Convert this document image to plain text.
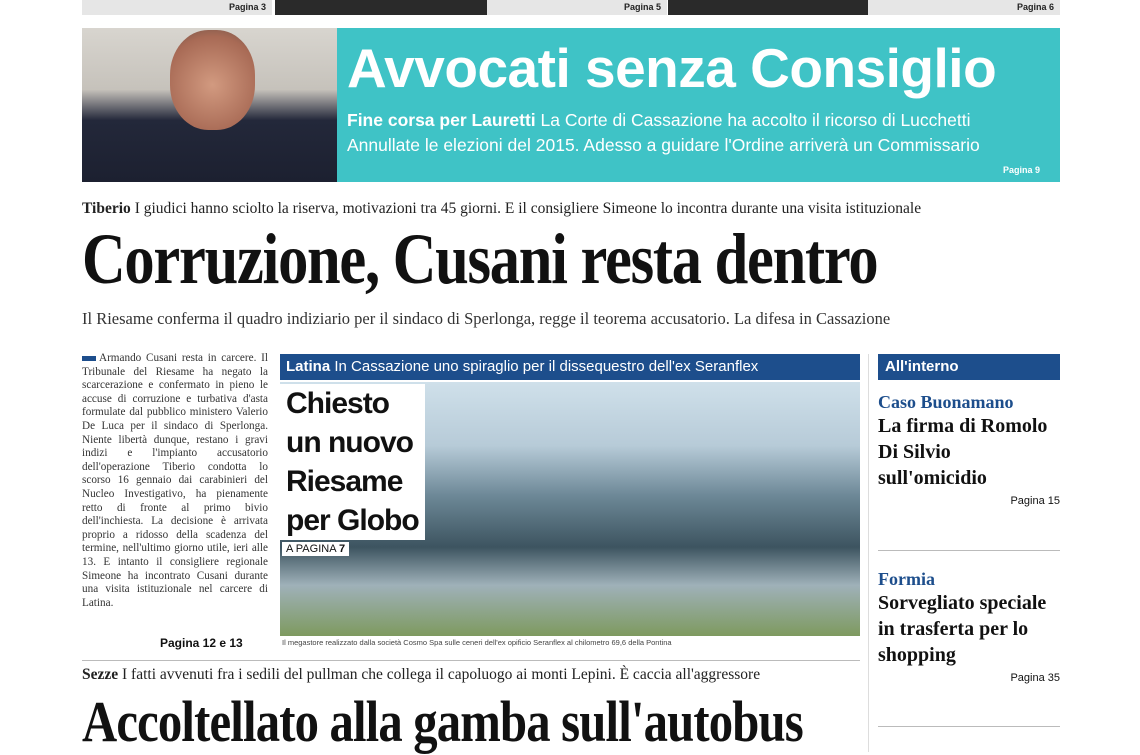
Pagina 3	Pagina 5	Pagina 6
Avvocati senza Consiglio
Fine corsa per Lauretti La Corte di Cassazione ha accolto il ricorso di Lucchetti
Annullate le elezioni del 2015. Adesso a guidare l'Ordine arriverà un Commissario
Pagina 9
Tiberio I giudici hanno sciolto la riserva, motivazioni tra 45 giorni. E il consigliere Simeone lo incontra durante una visita istituzionale
Corruzione, Cusani resta dentro
Il Riesame conferma il quadro indiziario per il sindaco di Sperlonga, regge il teorema accusatorio. La difesa in Cassazione
Armando Cusani resta in carcere. Il Tribunale del Riesame ha negato la scarcerazione e confermato in pieno le accuse di corruzione e turbativa d'asta formulate dal pubblico ministero Valerio De Luca per il sindaco di Sperlonga. Niente libertà dunque, restano i gravi indizi e l'impianto accusatorio dell'operazione Tiberio condotta lo scorso 16 gennaio dai carabinieri del Nucleo Investigativo, ha pienamente retto di fronte al primo bivio dell'inchiesta. La decisione è arrivata proprio a ridosso della scadenza del termine, nell'ultimo giorno utile, ieri alle 13. E intanto il consigliere regionale Simeone ha incontrato Cusani durante una visita istituzionale nel carcere di Latina.
Pagina 12 e 13
Latina In Cassazione uno spiraglio per il dissequestro dell'ex Seranflex
Chiesto
un nuovo
Riesame
per Globo
A PAGINA 7
Il megastore realizzato dalla società Cosmo Spa sulle ceneri dell'ex opificio Seranflex al chilometro 69,6 della Pontina
Sezze I fatti avvenuti fra i sedili del pullman che collega il capoluogo ai monti Lepini. È caccia all'aggressore
Accoltellato alla gamba sull'autobus
All'interno
Caso Buonamano
La firma di Romolo Di Silvio sull'omicidio
Pagina 15
Formia
Sorvegliato speciale in trasferta per lo shopping
Pagina 35
